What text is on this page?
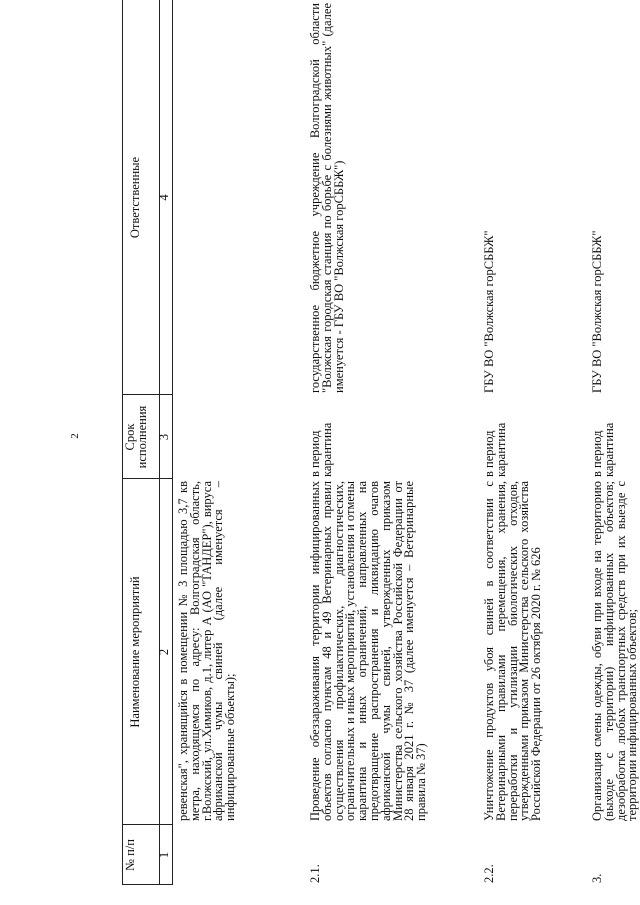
2
№ п/п
Наименование мероприятий
Срок исполнения
Ответственные
1
2
3
4
ревенская", хранящийся в помещении № 3 площадью 3,7 кв метра, находящемся по адресу: Волгоградская область, г.Волжский, ул.Химиков, д.1, литер А (АО "ТАНДЕР"), вируса африканской чумы свиней (далее именуется – инфицированные объекты);
2.1.
Проведение обеззараживания территории инфицированных объектов согласно пунктам 48 и 49 Ветеринарных правил осуществления профилактических, диагностических, ограничительных и иных мероприятий, установления и отмены карантина и иных ограничений, направленных на предотвращение распространения и ликвидацию очагов африканской чумы свиней, утвержденных приказом Министерства сельского хозяйства Российской Федерации от 28 января 2021 г. № 37 (далее именуется – Ветеринарные правила № 37)
в период карантина
государственное бюджетное учреждение Волгоградской области "Волжская городская станция по борьбе с болезнями животных" (далее именуется - ГБУ ВО "Волжская горСББЖ")
2.2.
Уничтожение продуктов убоя свиней в соответствии с Ветеринарными правилами перемещения, хранения, переработки и утилизации биологических отходов, утвержденными приказом Министерства сельского хозяйства Российской Федерации от 26 октября 2020 г. № 626
в период карантина
ГБУ ВО "Волжская горСББЖ"
3.
Организация смены одежды, обуви при входе на территорию (выходе с территории) инфицированных объектов; дезобработка любых транспортных средств при их выезде с территории инфицированных объектов;
в период карантина
ГБУ ВО "Волжская горСББЖ"
